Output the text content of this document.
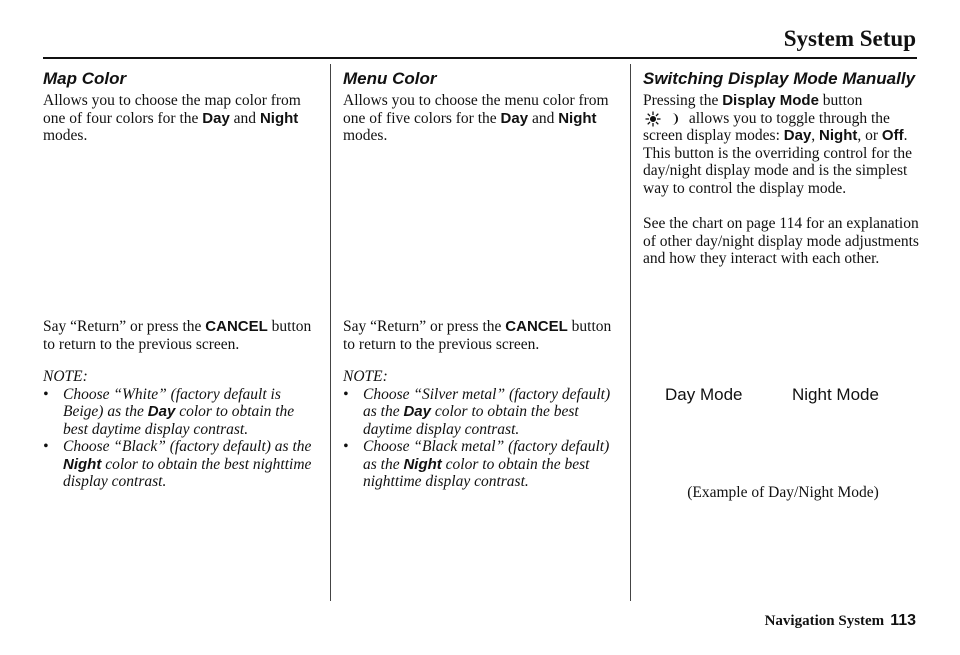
System Setup
Map Color

Allows you to choose the map color from one of four colors for the Day and Night modes.

Say “Return” or press the CANCEL button to return to the previous screen.

NOTE:

• Choose “White” (factory default is Beige) as the Day color to obtain the best daytime display contrast.
• Choose “Black” (factory default) as the Night color to obtain the best nighttime display contrast.
Menu Color

Allows you to choose the menu color from one of five colors for the Day and Night modes.

Say “Return” or press the CANCEL button to return to the previous screen.

NOTE:

• Choose “Silver metal” (factory default) as the Day color to obtain the best daytime display contrast.
• Choose “Black metal” (factory default) as the Night color to obtain the best nighttime display contrast.
Switching Display Mode Manually

Pressing the Display Mode button

allows you to toggle through the screen display modes: Day, Night, or Off. This button is the overriding control for the day/night display mode and is the simplest way to control the display mode.

See the chart on page 114 for an explanation of other day/night display mode adjustments and how they interact with each other.

Day Mode	Night Mode
(Example of Day/Night Mode)
Navigation System 113
